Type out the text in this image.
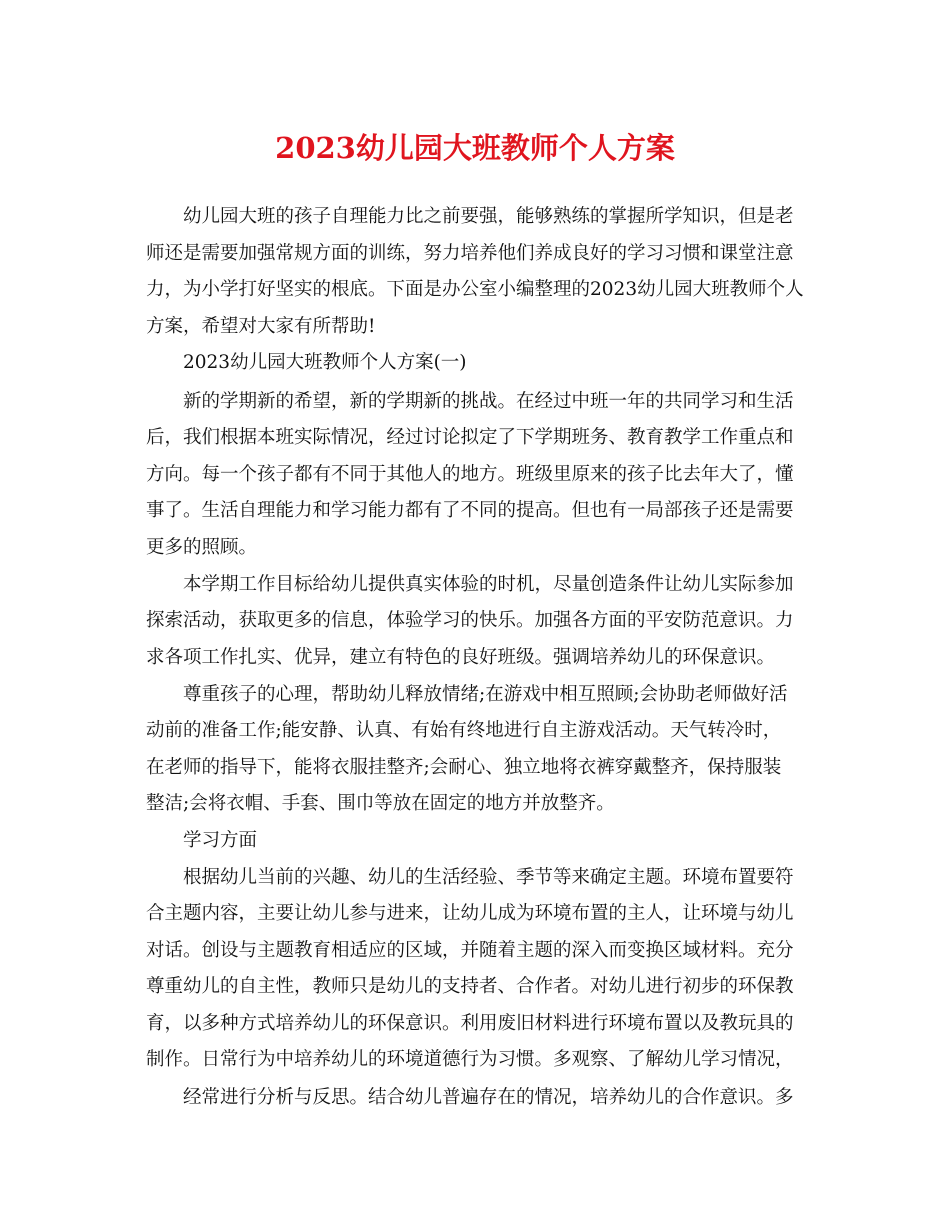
2023幼儿园大班教师个人方案
幼儿园大班的孩子自理能力比之前要强，能够熟练的掌握所学知识，但是老
师还是需要加强常规方面的训练，努力培养他们养成良好的学习习惯和课堂注意
力，为小学打好坚实的根底。下面是办公室小编整理的2023幼儿园大班教师个人
方案，希望对大家有所帮助!
2023幼儿园大班教师个人方案(一)
新的学期新的希望，新的学期新的挑战。在经过中班一年的共同学习和生活
后，我们根据本班实际情况，经过讨论拟定了下学期班务、教育教学工作重点和
方向。每一个孩子都有不同于其他人的地方。班级里原来的孩子比去年大了，懂
事了。生活自理能力和学习能力都有了不同的提高。但也有一局部孩子还是需要
更多的照顾。
本学期工作目标给幼儿提供真实体验的时机，尽量创造条件让幼儿实际参加
探索活动，获取更多的信息，体验学习的快乐。加强各方面的平安防范意识。力
求各项工作扎实、优异，建立有特色的良好班级。强调培养幼儿的环保意识。
尊重孩子的心理，帮助幼儿释放情绪;在游戏中相互照顾;会协助老师做好活
动前的准备工作;能安静、认真、有始有终地进行自主游戏活动。天气转冷时，
在老师的指导下，能将衣服挂整齐;会耐心、独立地将衣裤穿戴整齐，保持服装
整洁;会将衣帽、手套、围巾等放在固定的地方并放整齐。
学习方面
根据幼儿当前的兴趣、幼儿的生活经验、季节等来确定主题。环境布置要符
合主题内容，主要让幼儿参与进来，让幼儿成为环境布置的主人，让环境与幼儿
对话。创设与主题教育相适应的区域，并随着主题的深入而变换区域材料。充分
尊重幼儿的自主性，教师只是幼儿的支持者、合作者。对幼儿进行初步的环保教
育，以多种方式培养幼儿的环保意识。利用废旧材料进行环境布置以及教玩具的
制作。日常行为中培养幼儿的环境道德行为习惯。多观察、了解幼儿学习情况，
经常进行分析与反思。结合幼儿普遍存在的情况，培养幼儿的合作意识。多
